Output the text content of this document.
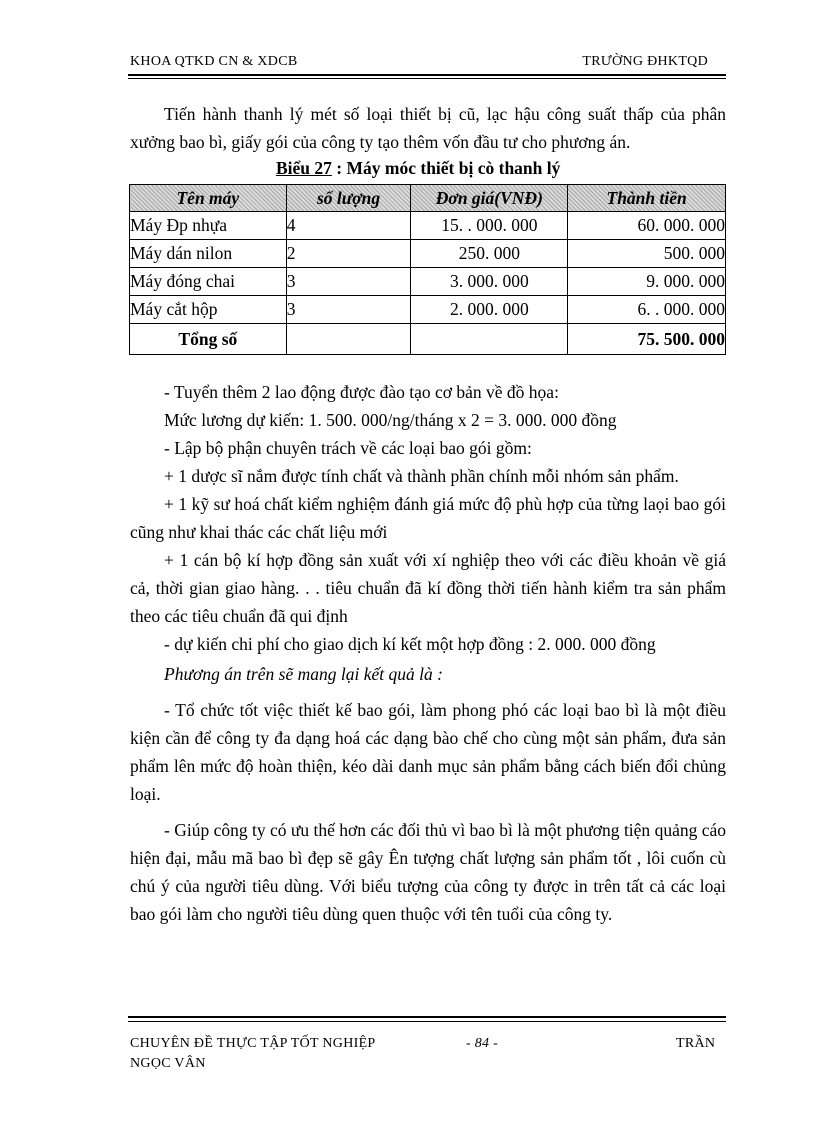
KHOA QTKD CN & XDCB	TRƯỜNG ĐHKTQD
Tiến hành thanh lý mét số loại thiết bị cũ, lạc hậu công suất thấp của phân xưởng bao bì, giấy gói của công ty tạo thêm vốn đầu tư cho phương án.
Biểu 27 : Máy móc thiết bị cò thanh lý
Tên máy	số lượng	Đơn giá(VNĐ)	Thành tiền
Máy Đp nhựa	4	15. . 000. 000	60. 000. 000
Máy dán nilon	2	250. 000	500. 000
Máy đóng chai	3	3. 000. 000	9. 000. 000
Máy cắt hộp	3	2. 000. 000	6. . 000. 000
Tổng số			75. 500. 000
- Tuyển thêm 2 lao động được đào tạo cơ bản về đồ họa:
Mức lương dự kiến: 1. 500. 000/ng/tháng x 2 = 3. 000. 000 đồng
- Lập bộ phận chuyên trách về các loại bao gói gồm:
+ 1 dược sĩ nắm được tính chất và thành phần chính mỗi nhóm sản phẩm.
+ 1 kỹ sư hoá chất kiểm nghiệm đánh giá mức độ phù hợp của từng laọi bao gói cũng như khai thác các chất liệu mới
+ 1 cán bộ kí hợp đồng sản xuất với xí nghiệp theo với các điều khoản về giá cả, thời gian giao hàng. . . tiêu chuẩn đã kí đồng thời tiến hành kiểm tra sản phẩm theo các tiêu chuẩn đã qui định
- dự kiến chi phí cho giao dịch kí kết một hợp đồng : 2. 000. 000 đồng
Phương án trên sẽ mang lại kết quả là :
- Tổ chức tốt việc thiết kế bao gói, làm phong phó các loại bao bì là một điều kiện cần để công ty đa dạng hoá các dạng bào chế cho cùng một sản phẩm, đưa sản phẩm lên mức độ hoàn thiện, kéo dài danh mục sản phẩm bằng cách biến đổi chủng loại.
- Giúp công ty có ưu thế hơn các đối thủ vì bao bì là một phương tiện quảng cáo hiện đại, mẫu mã bao bì đẹp sẽ gây Ên tượng chất lượng sản phẩm tốt , lôi cuốn cù chú ý của người tiêu dùng. Với biểu tượng của công ty được in trên tất cả các loại bao gói làm cho người tiêu dùng quen thuộc với tên tuổi của công ty.
CHUYÊN ĐỀ THỰC TẬP TỐT NGHIỆP
NGỌC VÂN
- 84 -	TRẦN
